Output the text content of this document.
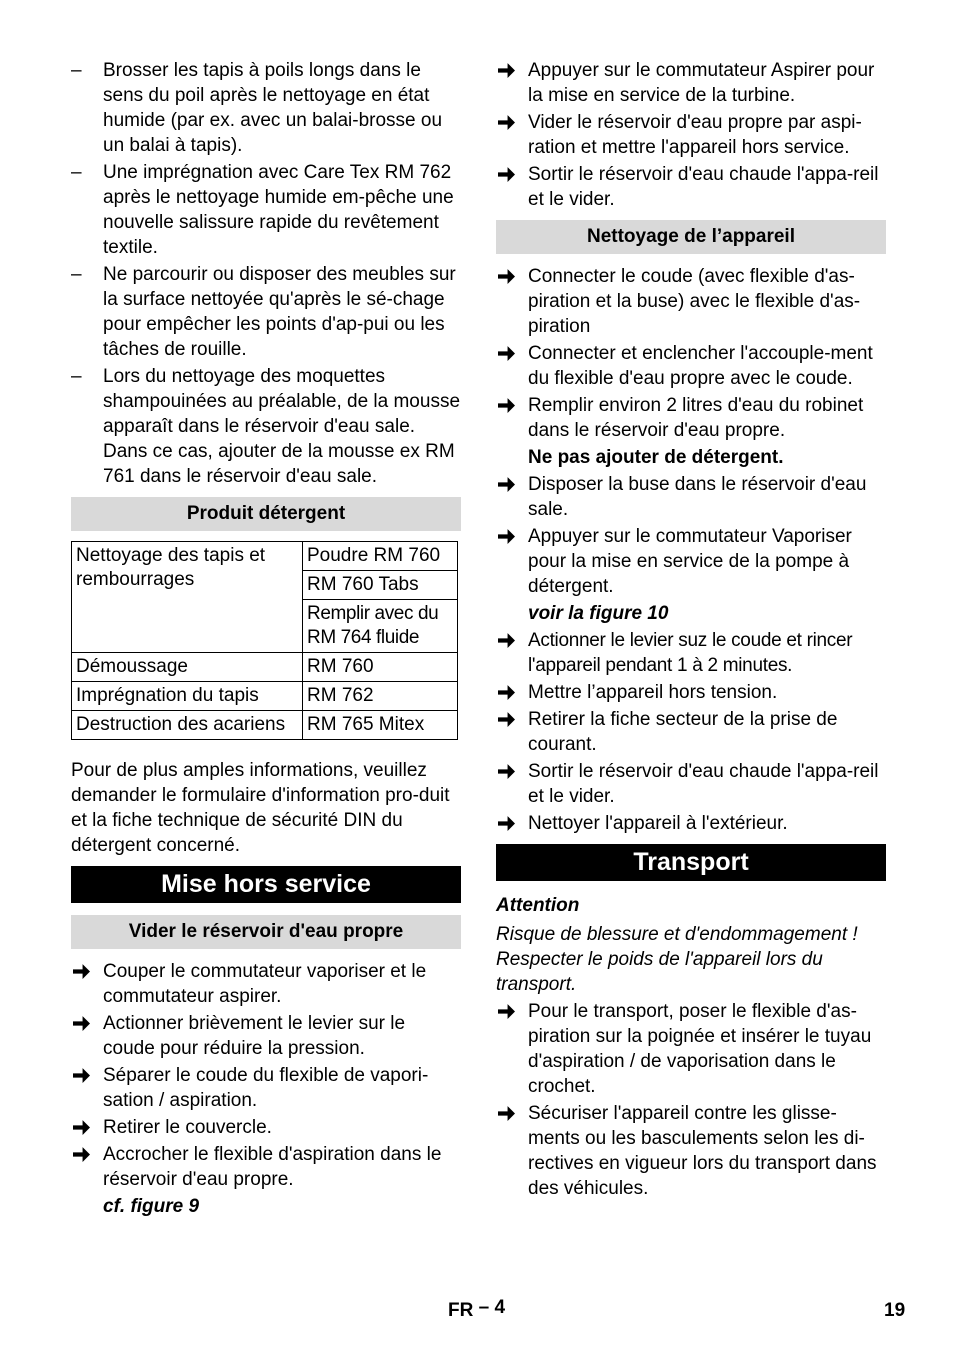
– Brosser les tapis à poils longs dans le sens du poil après le nettoyage en état humide (par ex. avec un balai-brosse ou un balai à tapis).
– Une imprégnation avec Care Tex RM 762 après le nettoyage humide em-pêche une nouvelle salissure rapide du revêtement textile.
– Ne parcourir ou disposer des meubles sur la surface nettoyée qu'après le sé-chage pour empêcher les points d'ap-pui ou les tâches de rouille.
– Lors du nettoyage des moquettes shampouinées au préalable, de la mousse apparaît dans le réservoir d'eau sale. Dans ce cas, ajouter de la mousse ex RM 761 dans le réservoir d'eau sale.
Produit détergent
Nettoyage des tapis et rembourrages	Poudre RM 760
	RM 760 Tabs
	Remplir avec du RM 764 fluide
Démoussage	RM 760
Imprégnation du tapis	RM 762
Destruction des acariens	RM 765 Mitex
Pour de plus amples informations, veuillez demander le formulaire d'information pro-duit et la fiche technique de sécurité DIN du détergent concerné.
Mise hors service
Vider le réservoir d'eau propre
Couper le commutateur vaporiser et le commutateur aspirer.
Actionner brièvement le levier sur le coude pour réduire la pression.
Séparer le coude du flexible de vapori-sation / aspiration.
Retirer le couvercle.
Accrocher le flexible d'aspiration dans le réservoir d'eau propre.
cf. figure 9
Appuyer sur le commutateur Aspirer pour la mise en service de la turbine.
Vider le réservoir d'eau propre par aspi-ration et mettre l'appareil hors service.
Sortir le réservoir d'eau chaude l'appa-reil et le vider.
Nettoyage de l’appareil
Connecter le coude (avec flexible d'as-piration et la buse) avec le flexible d'as-piration
Connecter et enclencher l'accouple-ment du flexible d'eau propre avec le coude.
Remplir environ 2 litres d'eau du robinet dans le réservoir d'eau propre.
Ne pas ajouter de détergent.
Disposer la buse dans le réservoir d'eau sale.
Appuyer sur le commutateur Vaporiser pour la mise en service de la pompe à détergent.
voir la figure 10
Actionner le levier suz le coude et rincer l'appareil pendant 1 à 2 minutes.
Mettre l’appareil hors tension.
Retirer la fiche secteur de la prise de courant.
Sortir le réservoir d'eau chaude l'appa-reil et le vider.
Nettoyer l'appareil à l'extérieur.
Transport
Attention
Risque de blessure et d'endommagement ! Respecter le poids de l'appareil lors du transport.
Pour le transport, poser le flexible d'as-piration sur la poignée et insérer le tuyau d'aspiration / de vaporisation dans le crochet.
Sécuriser l'appareil contre les glisse-ments ou les basculements selon les di-rectives en vigueur lors du transport dans des véhicules.
FR – 4	19
